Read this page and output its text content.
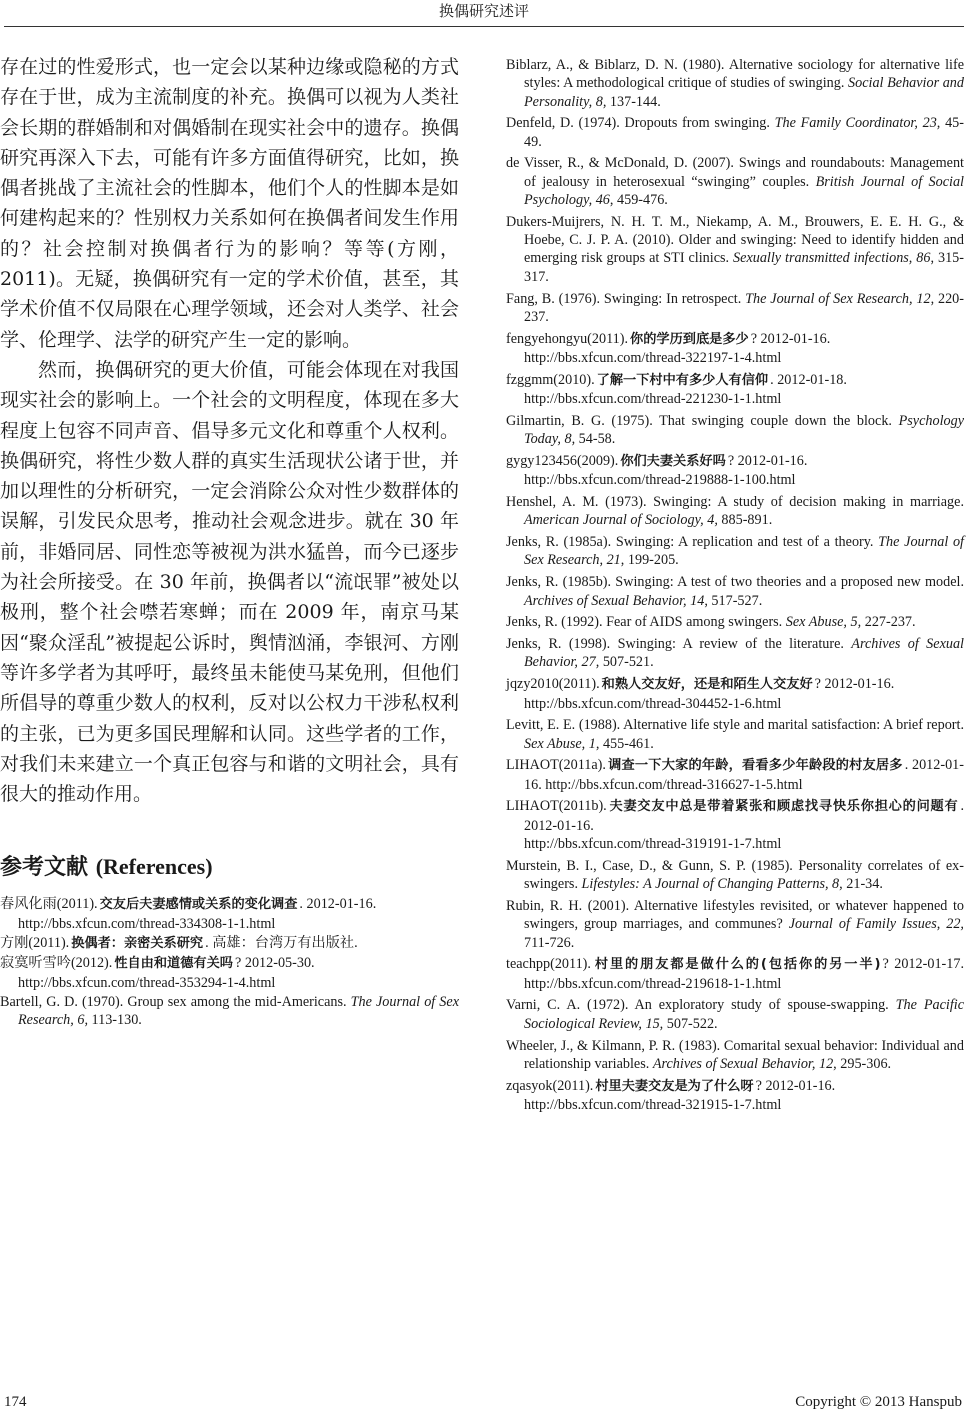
换偶研究述评

存在过的性爱形式，也一定会以某种边缘或隐秘的方式存在于世，成为主流制度的补充。换偶可以视为人类社会长期的群婚制和对偶婚制在现实社会中的遗存。换偶研究再深入下去，可能有许多方面值得研究，比如，换偶者挑战了主流社会的性脚本，他们个人的性脚本是如何建构起来的？性别权力关系如何在换偶者间发生作用的？社会控制对换偶者行为的影响？等等(方刚，2011)。无疑，换偶研究有一定的学术价值，甚至，其学术价值不仅局限在心理学领域，还会对人类学、社会学、伦理学、法学的研究产生一定的影响。

然而，换偶研究的更大价值，可能会体现在对我国现实社会的影响上。一个社会的文明程度，体现在多大程度上包容不同声音、倡导多元文化和尊重个人权利。换偶研究，将性少数人群的真实生活现状公诸于世，并加以理性的分析研究，一定会消除公众对性少数群体的误解，引发民众思考，推动社会观念进步。就在 30 年前，非婚同居、同性恋等被视为洪水猛兽，而今已逐步为社会所接受。在 30 年前，换偶者以“流氓罪”被处以极刑，整个社会噤若寒蝉；而在 2009 年，南京马某因“聚众淫乱”被提起公诉时，舆情汹涌，李银河、方刚等许多学者为其呼吁，最终虽未能使马某免刑，但他们所倡导的尊重少数人的权利，反对以公权力干涉私权利的主张，已为更多国民理解和认同。这些学者的工作，对我们未来建立一个真正包容与和谐的文明社会，具有很大的推动作用。

参考文献 (References)

春风化雨(2011). 交友后夫妻感情或关系的变化调查 . 2012-01-16.
http://bbs.xfcun.com/thread-334308-1-1.html

方刚(2011). 换偶者：亲密关系研究 . 高雄：台湾万有出版社.

寂寞听雪吟(2012). 性自由和道德有关吗 ? 2012-05-30.
http://bbs.xfcun.com/thread-353294-1-4.html

Bartell, G. D. (1970). Group sex among the mid-Americans. The Journal of Sex Research, 6, 113-130.

Biblarz, A., & Biblarz, D. N. (1980). Alternative sociology for alternative life styles: A methodological critique of studies of swinging. Social Behavior and Personality, 8, 137-144.

Denfeld, D. (1974). Dropouts from swinging. The Family Coordinator, 23, 45-49.

de Visser, R., & McDonald, D. (2007). Swings and roundabouts: Management of jealousy in heterosexual “swinging” couples. British Journal of Social Psychology, 46, 459-476.

Dukers-Muijrers, N. H. T. M., Niekamp, A. M., Brouwers, E. E. H. G., & Hoebe, C. J. P. A. (2010). Older and swinging: Need to identify hidden and emerging risk groups at STI clinics. Sexually transmitted infections, 86, 315-317.

Fang, B. (1976). Swinging: In retrospect. The Journal of Sex Research, 12, 220-237.

fengyehongyu(2011). 你的学历到底是多少 ? 2012-01-16.
http://bbs.xfcun.com/thread-322197-1-4.html

fzggmm(2010). 了解一下村中有多少人有信仰 . 2012-01-18.
http://bbs.xfcun.com/thread-221230-1-1.html

Gilmartin, B. G. (1975). That swinging couple down the block. Psychology Today, 8, 54-58.

gygy123456(2009). 你们夫妻关系好吗 ? 2012-01-16.
http://bbs.xfcun.com/thread-219888-1-100.html

Henshel, A. M. (1973). Swinging: A study of decision making in marriage. American Journal of Sociology, 4, 885-891.

Jenks, R. (1985a). Swinging: A replication and test of a theory. The Journal of Sex Research, 21, 199-205.

Jenks, R. (1985b). Swinging: A test of two theories and a proposed new model. Archives of Sexual Behavior, 14, 517-527.

Jenks, R. (1992). Fear of AIDS among swingers. Sex Abuse, 5, 227-237.

Jenks, R. (1998). Swinging: A review of the literature. Archives of Sexual Behavior, 27, 507-521.

jqzy2010(2011). 和熟人交友好，还是和陌生人交友好 ? 2012-01-16.
http://bbs.xfcun.com/thread-304452-1-6.html

Levitt, E. E. (1988). Alternative life style and marital satisfaction: A brief report. Sex Abuse, 1, 455-461.

LIHAOT(2011a). 调查一下大家的年龄，看看多少年龄段的村友居多 . 2012-01-16. http://bbs.xfcun.com/thread-316627-1-5.html

LIHAOT(2011b). 夫妻交友中总是带着紧张和顾虑找寻快乐你担心的问题有 . 2012-01-16.
http://bbs.xfcun.com/thread-319191-1-7.html

Murstein, B. I., Case, D., & Gunn, S. P. (1985). Personality correlates of ex-swingers. Lifestyles: A Journal of Changing Patterns, 8, 21-34.

Rubin, R. H. (2001). Alternative lifestyles revisited, or whatever happened to swingers, group marriages, and communes? Journal of Family Issues, 22, 711-726.

teachpp(2011). 村里的朋友都是做什么的(包括你的另一半) ? 2012-01-17. http://bbs.xfcun.com/thread-219618-1-1.html

Varni, C. A. (1972). An exploratory study of spouse-swapping. The Pacific Sociological Review, 15, 507-522.

Wheeler, J., & Kilmann, P. R. (1983). Comarital sexual behavior: Individual and relationship variables. Archives of Sexual Behavior, 12, 295-306.

zqasyok(2011). 村里夫妻交友是为了什么呀 ? 2012-01-16.
http://bbs.xfcun.com/thread-321915-1-7.html

174	Copyright © 2013 Hanspub
